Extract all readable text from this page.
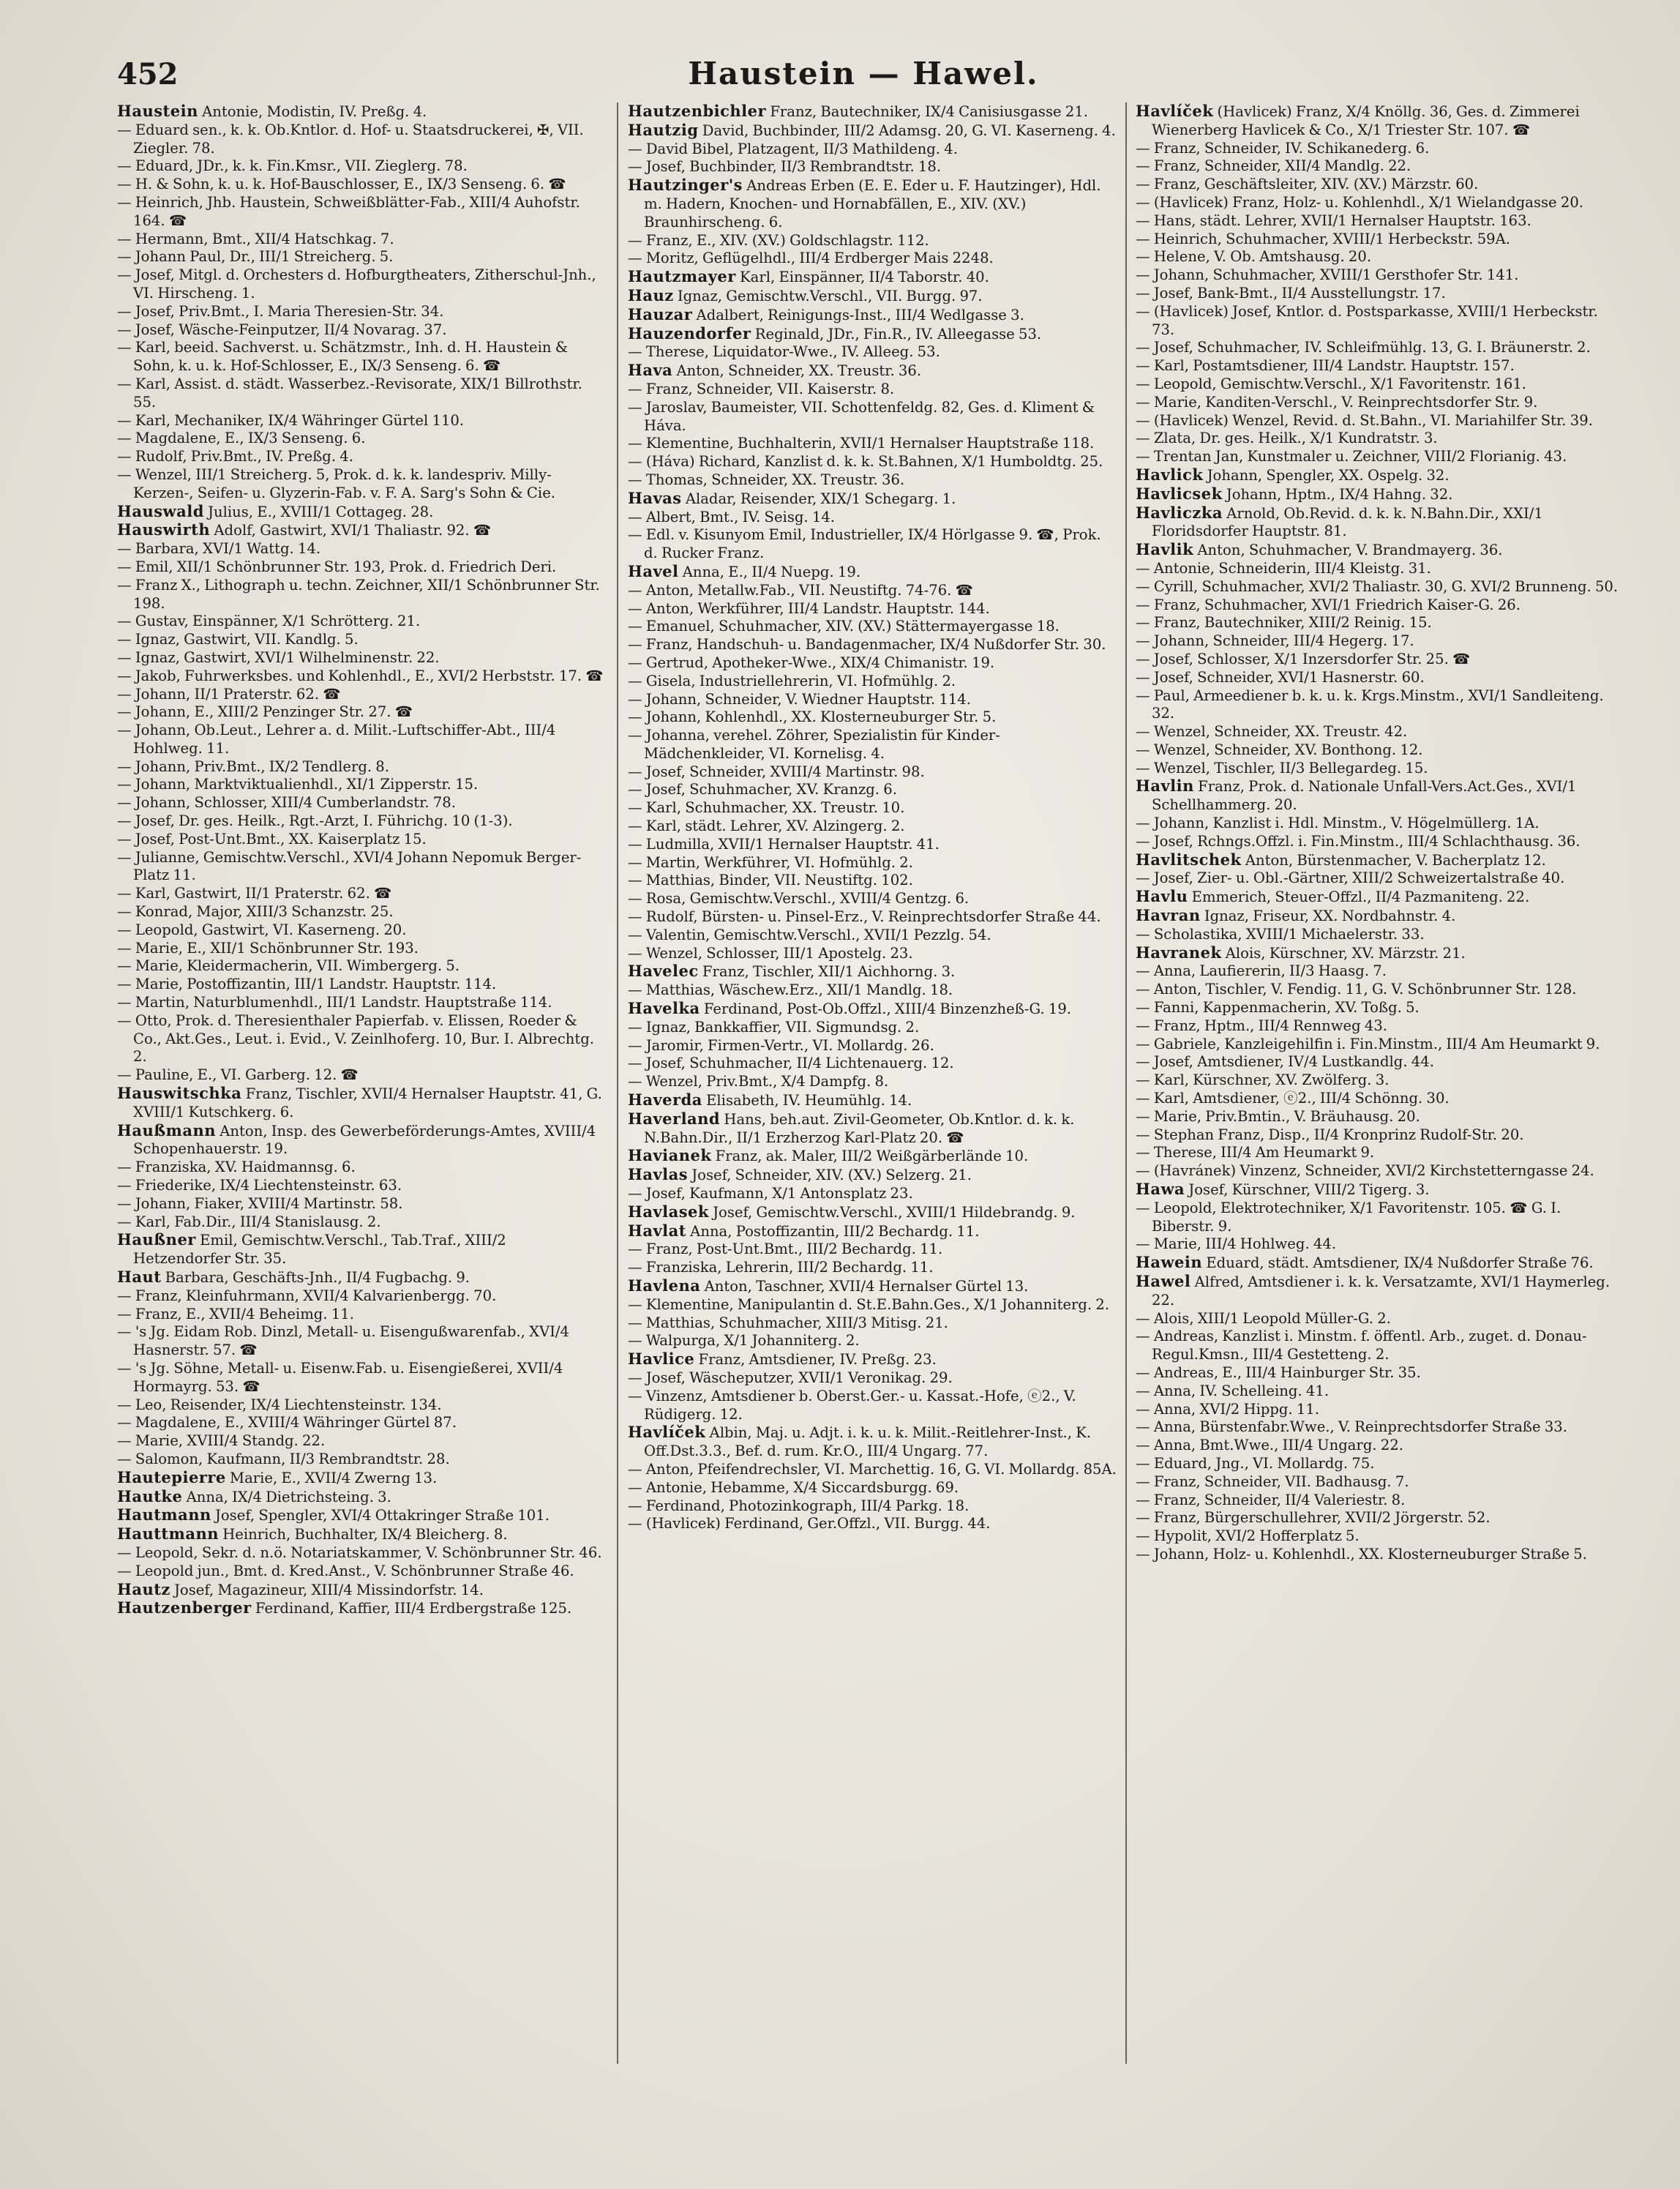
452	Haustein — Hawel.
Haustein Antonie, Modistin, IV. Preßg. 4.
— Eduard sen., k. k. Ob.Kntlor. d. Hof- u. Staatsdruckerei, ✠, VII. Ziegler. 78.
— Eduard, JDr., k. k. Fin.Kmsr., VII. Zieglerg. 78.
— H. & Sohn, k. u. k. Hof-Bauschlosser, E., IX/3 Senseng. 6. ☎
— Heinrich, Jhb. Haustein, Schweißblätter-Fab., XIII/4 Auhofstr. 164. ☎
— Hermann, Bmt., XII/4 Hatschkag. 7.
— Johann Paul, Dr., III/1 Streicherg. 5.
— Josef, Mitgl. d. Orchesters d. Hofburgtheaters, Zitherschul-Jnh., VI. Hirscheng. 1.
— Josef, Priv.Bmt., I. Maria Theresien-Str. 34.
— Josef, Wäsche-Feinputzer, II/4 Novarag. 37.
— Karl, beeid. Sachverst. u. Schätzmstr., Inh. d. H. Haustein & Sohn, k. u. k. Hof-Schlosser, E., IX/3 Senseng. 6. ☎
— Karl, Assist. d. städt. Wasserbez.-Revisorate, XIX/1 Billrothstr. 55.
— Karl, Mechaniker, IX/4 Währinger Gürtel 110.
— Magdalene, E., IX/3 Senseng. 6.
— Rudolf, Priv.Bmt., IV. Preßg. 4.
— Wenzel, III/1 Streicherg. 5, Prok. d. k. k. landespriv. Milly-Kerzen-, Seifen- u. Glyzerin-Fab. v. F. A. Sarg's Sohn & Cie.
Hauswald Julius, E., XVIII/1 Cottageg. 28.
Hauswirth Adolf, Gastwirt, XVI/1 Thaliastr. 92. ☎
— Barbara, XVI/1 Wattg. 14.
— Emil, XII/1 Schönbrunner Str. 193, Prok. d. Friedrich Deri.
— Franz X., Lithograph u. techn. Zeichner, XII/1 Schönbrunner Str. 198.
— Gustav, Einspänner, X/1 Schrötterg. 21.
— Ignaz, Gastwirt, VII. Kandlg. 5.
— Ignaz, Gastwirt, XVI/1 Wilhelminenstr. 22.
— Jakob, Fuhrwerksbes. und Kohlenhdl., E., XVI/2 Herbststr. 17. ☎
— Johann, II/1 Praterstr. 62. ☎
— Johann, E., XIII/2 Penzinger Str. 27. ☎
— Johann, Ob.Leut., Lehrer a. d. Milit.-Luftschiffer-Abt., III/4 Hohlweg. 11.
— Johann, Priv.Bmt., IX/2 Tendlerg. 8.
— Johann, Marktviktualienhdl., XI/1 Zipperstr. 15.
— Johann, Schlosser, XIII/4 Cumberlandstr. 78.
— Josef, Dr. ges. Heilk., Rgt.-Arzt, I. Führichg. 10 (1-3).
— Josef, Post-Unt.Bmt., XX. Kaiserplatz 15.
— Julianne, Gemischtw.Verschl., XVI/4 Johann Nepomuk Berger-Platz 11.
— Karl, Gastwirt, II/1 Praterstr. 62. ☎
— Konrad, Major, XIII/3 Schanzstr. 25.
— Leopold, Gastwirt, VI. Kaserneng. 20.
— Marie, E., XII/1 Schönbrunner Str. 193.
— Marie, Kleidermacherin, VII. Wimbergerg. 5.
— Marie, Postoffizantin, III/1 Landstr. Hauptstr. 114.
— Martin, Naturblumenhdl., III/1 Landstr. Hauptstraße 114.
— Otto, Prok. d. Theresienthaler Papierfab. v. Elissen, Roeder & Co., Akt.Ges., Leut. i. Evid., V. Zeinlhoferg. 10, Bur. I. Albrechtg. 2.
— Pauline, E., VI. Garberg. 12. ☎
Hauswitschka Franz, Tischler, XVII/4 Hernalser Hauptstr. 41, G. XVIII/1 Kutschkerg. 6.
Haußmann Anton, Insp. des Gewerbeförderungs-Amtes, XVIII/4 Schopenhauerstr. 19.
— Franziska, XV. Haidmannsg. 6.
— Friederike, IX/4 Liechtensteinstr. 63.
— Johann, Fiaker, XVIII/4 Martinstr. 58.
— Karl, Fab.Dir., III/4 Stanislausg. 2.
Haußner Emil, Gemischtw.Verschl., Tab.Traf., XIII/2 Hetzendorfer Str. 35.
Haut Barbara, Geschäfts-Jnh., II/4 Fugbachg. 9.
— Franz, Kleinfuhrmann, XVII/4 Kalvarienbergg. 70.
— Franz, E., XVII/4 Beheimg. 11.
— 's Jg. Eidam Rob. Dinzl, Metall- u. Eisengußwarenfab., XVI/4 Hasnerstr. 57. ☎
— 's Jg. Söhne, Metall- u. Eisenw.Fab. u. Eisengießerei, XVII/4 Hormayrg. 53. ☎
— Leo, Reisender, IX/4 Liechtensteinstr. 134.
— Magdalene, E., XVIII/4 Währinger Gürtel 87.
— Marie, XVIII/4 Standg. 22.
— Salomon, Kaufmann, II/3 Rembrandtstr. 28.
Hautepierre Marie, E., XVII/4 Zwerng 13.
Hautke Anna, IX/4 Dietrichsteing. 3.
Hautmann Josef, Spengler, XVI/4 Ottakringer Straße 101.
Hauttmann Heinrich, Buchhalter, IX/4 Bleicherg. 8.
— Leopold, Sekr. d. n.ö. Notariatskammer, V. Schönbrunner Str. 46.
— Leopold jun., Bmt. d. Kred.Anst., V. Schönbrunner Straße 46.
Hautz Josef, Magazineur, XIII/4 Missindorfstr. 14.
Hautzenberger Ferdinand, Kaffier, III/4 Erdbergstraße 125.
Hautzenbichler Franz, Bautechniker, IX/4 Canisiusgasse 21.
Hautzig David, Buchbinder, III/2 Adamsg. 20, G. VI. Kaserneng. 4.
— David Bibel, Platzagent, II/3 Mathildeng. 4.
— Josef, Buchbinder, II/3 Rembrandtstr. 18.
Hautzinger's Andreas Erben (E. E. Eder u. F. Hautzinger), Hdl. m. Hadern, Knochen- und Hornabfällen, E., XIV. (XV.) Braunhirscheng. 6.
— Franz, E., XIV. (XV.) Goldschlagstr. 112.
— Moritz, Geflügelhdl., III/4 Erdberger Mais 2248.
Hautzmayer Karl, Einspänner, II/4 Taborstr. 40.
Hauz Ignaz, Gemischtw.Verschl., VII. Burgg. 97.
Hauzar Adalbert, Reinigungs-Inst., III/4 Wedlgasse 3.
Hauzendorfer Reginald, JDr., Fin.R., IV. Alleegasse 53.
— Therese, Liquidator-Wwe., IV. Alleeg. 53.
Hava Anton, Schneider, XX. Treustr. 36.
— Franz, Schneider, VII. Kaiserstr. 8.
— Jaroslav, Baumeister, VII. Schottenfeldg. 82, Ges. d. Kliment & Háva.
— Klementine, Buchhalterin, XVII/1 Hernalser Hauptstraße 118.
— (Háva) Richard, Kanzlist d. k. k. St.Bahnen, X/1 Humboldtg. 25.
— Thomas, Schneider, XX. Treustr. 36.
Havas Aladar, Reisender, XIX/1 Schegarg. 1.
— Albert, Bmt., IV. Seisg. 14.
— Edl. v. Kisunyom Emil, Industrieller, IX/4 Hörlgasse 9. ☎, Prok. d. Rucker Franz.
Havel Anna, E., II/4 Nuepg. 19.
— Anton, Metallw.Fab., VII. Neustiftg. 74-76. ☎
— Anton, Werkführer, III/4 Landstr. Hauptstr. 144.
— Emanuel, Schuhmacher, XIV. (XV.) Stättermayergasse 18.
— Franz, Handschuh- u. Bandagenmacher, IX/4 Nußdorfer Str. 30.
— Gertrud, Apotheker-Wwe., XIX/4 Chimanistr. 19.
— Gisela, Industriellehrerin, VI. Hofmühlg. 2.
— Johann, Schneider, V. Wiedner Hauptstr. 114.
— Johann, Kohlenhdl., XX. Klosterneuburger Str. 5.
— Johanna, verehel. Zöhrer, Spezialistin für Kinder-Mädchenkleider, VI. Kornelisg. 4.
— Josef, Schneider, XVIII/4 Martinstr. 98.
— Josef, Schuhmacher, XV. Kranzg. 6.
— Karl, Schuhmacher, XX. Treustr. 10.
— Karl, städt. Lehrer, XV. Alzingerg. 2.
— Ludmilla, XVII/1 Hernalser Hauptstr. 41.
— Martin, Werkführer, VI. Hofmühlg. 2.
— Matthias, Binder, VII. Neustiftg. 102.
— Rosa, Gemischtw.Verschl., XVIII/4 Gentzg. 6.
— Rudolf, Bürsten- u. Pinsel-Erz., V. Reinprechtsdorfer Straße 44.
— Valentin, Gemischtw.Verschl., XVII/1 Pezzlg. 54.
— Wenzel, Schlosser, III/1 Apostelg. 23.
Havelec Franz, Tischler, XII/1 Aichhorng. 3.
— Matthias, Wäschew.Erz., XII/1 Mandlg. 18.
Havelka Ferdinand, Post-Ob.Offzl., XIII/4 Binzenzheß-G. 19.
— Ignaz, Bankkaffier, VII. Sigmundsg. 2.
— Jaromir, Firmen-Vertr., VI. Mollardg. 26.
— Josef, Schuhmacher, II/4 Lichtenauerg. 12.
— Wenzel, Priv.Bmt., X/4 Dampfg. 8.
Haverda Elisabeth, IV. Heumühlg. 14.
Haverland Hans, beh.aut. Zivil-Geometer, Ob.Kntlor. d. k. k. N.Bahn.Dir., II/1 Erzherzog Karl-Platz 20. ☎
Havianek Franz, ak. Maler, III/2 Weißgärberlände 10.
Havlas Josef, Schneider, XIV. (XV.) Selzerg. 21.
— Josef, Kaufmann, X/1 Antonsplatz 23.
Havlasek Josef, Gemischtw.Verschl., XVIII/1 Hildebrandg. 9.
Havlat Anna, Postoffizantin, III/2 Bechardg. 11.
— Franz, Post-Unt.Bmt., III/2 Bechardg. 11.
— Franziska, Lehrerin, III/2 Bechardg. 11.
Havlena Anton, Taschner, XVII/4 Hernalser Gürtel 13.
— Klementine, Manipulantin d. St.E.Bahn.Ges., X/1 Johanniterg. 2.
— Matthias, Schuhmacher, XIII/3 Mitisg. 21.
— Walpurga, X/1 Johanniterg. 2.
Havlice Franz, Amtsdiener, IV. Preßg. 23.
— Josef, Wäscheputzer, XVII/1 Veronikag. 29.
— Vinzenz, Amtsdiener b. Oberst.Ger.- u. Kassat.-Hofe, ⓔ2., V. Rüdigerg. 12.
Havlíček Albin, Maj. u. Adjt. i. k. u. k. Milit.-Reitlehrer-Inst., K. Off.Dst.3.3., Bef. d. rum. Kr.O., III/4 Ungarg. 77.
— Anton, Pfeifendrechsler, VI. Marchettig. 16, G. VI. Mollardg. 85A.
— Antonie, Hebamme, X/4 Siccardsburgg. 69.
— Ferdinand, Photozinkograph, III/4 Parkg. 18.
— (Havlicek) Ferdinand, Ger.Offzl., VII. Burgg. 44.
Havlíček (Havlicek) Franz, X/4 Knöllg. 36, Ges. d. Zimmerei Wienerberg Havlicek & Co., X/1 Triester Str. 107. ☎
— Franz, Schneider, IV. Schikanederg. 6.
— Franz, Schneider, XII/4 Mandlg. 22.
— Franz, Geschäftsleiter, XIV. (XV.) Märzstr. 60.
— (Havlicek) Franz, Holz- u. Kohlenhdl., X/1 Wielandgasse 20.
— Hans, städt. Lehrer, XVII/1 Hernalser Hauptstr. 163.
— Heinrich, Schuhmacher, XVIII/1 Herbeckstr. 59A.
— Helene, V. Ob. Amtshausg. 20.
— Johann, Schuhmacher, XVIII/1 Gersthofer Str. 141.
— Josef, Bank-Bmt., II/4 Ausstellungstr. 17.
— (Havlicek) Josef, Kntlor. d. Postsparkasse, XVIII/1 Herbeckstr. 73.
— Josef, Schuhmacher, IV. Schleifmühlg. 13, G. I. Bräunerstr. 2.
— Karl, Postamtsdiener, III/4 Landstr. Hauptstr. 157.
— Leopold, Gemischtw.Verschl., X/1 Favoritenstr. 161.
— Marie, Kanditen-Verschl., V. Reinprechtsdorfer Str. 9.
— (Havlicek) Wenzel, Revid. d. St.Bahn., VI. Mariahilfer Str. 39.
— Zlata, Dr. ges. Heilk., X/1 Kundratstr. 3.
— Trentan Jan, Kunstmaler u. Zeichner, VIII/2 Florianig. 43.
Havlick Johann, Spengler, XX. Ospelg. 32.
Havlicsek Johann, Hptm., IX/4 Hahng. 32.
Havliczka Arnold, Ob.Revid. d. k. k. N.Bahn.Dir., XXI/1 Floridsdorfer Hauptstr. 81.
Havlik Anton, Schuhmacher, V. Brandmayerg. 36.
— Antonie, Schneiderin, III/4 Kleistg. 31.
— Cyrill, Schuhmacher, XVI/2 Thaliastr. 30, G. XVI/2 Brunneng. 50.
— Franz, Schuhmacher, XVI/1 Friedrich Kaiser-G. 26.
— Franz, Bautechniker, XIII/2 Reinig. 15.
— Johann, Schneider, III/4 Hegerg. 17.
— Josef, Schlosser, X/1 Inzersdorfer Str. 25. ☎
— Josef, Schneider, XVI/1 Hasnerstr. 60.
— Paul, Armeediener b. k. u. k. Krgs.Minstm., XVI/1 Sandleiteng. 32.
— Wenzel, Schneider, XX. Treustr. 42.
— Wenzel, Schneider, XV. Bonthong. 12.
— Wenzel, Tischler, II/3 Bellegardeg. 15.
Havlin Franz, Prok. d. Nationale Unfall-Vers.Act.Ges., XVI/1 Schellhammerg. 20.
— Johann, Kanzlist i. Hdl. Minstm., V. Högelmüllerg. 1A.
— Josef, Rchngs.Offzl. i. Fin.Minstm., III/4 Schlachthausg. 36.
Havlitschek Anton, Bürstenmacher, V. Bacherplatz 12.
— Josef, Zier- u. Obl.-Gärtner, XIII/2 Schweizertalstraße 40.
Havlu Emmerich, Steuer-Offzl., II/4 Pazmaniteng. 22.
Havran Ignaz, Friseur, XX. Nordbahnstr. 4.
— Scholastika, XVIII/1 Michaelerstr. 33.
Havranek Alois, Kürschner, XV. Märzstr. 21.
— Anna, Laufiererin, II/3 Haasg. 7.
— Anton, Tischler, V. Fendig. 11, G. V. Schönbrunner Str. 128.
— Fanni, Kappenmacherin, XV. Toßg. 5.
— Franz, Hptm., III/4 Rennweg 43.
— Gabriele, Kanzleigehilfin i. Fin.Minstm., III/4 Am Heumarkt 9.
— Josef, Amtsdiener, IV/4 Lustkandlg. 44.
— Karl, Kürschner, XV. Zwölferg. 3.
— Karl, Amtsdiener, ⓔ2., III/4 Schönng. 30.
— Marie, Priv.Bmtin., V. Bräuhausg. 20.
— Stephan Franz, Disp., II/4 Kronprinz Rudolf-Str. 20.
— Therese, III/4 Am Heumarkt 9.
— (Havránek) Vinzenz, Schneider, XVI/2 Kirchstetterngasse 24.
Hawa Josef, Kürschner, VIII/2 Tigerg. 3.
— Leopold, Elektrotechniker, X/1 Favoritenstr. 105. ☎ G. I. Biberstr. 9.
— Marie, III/4 Hohlweg. 44.
Hawein Eduard, städt. Amtsdiener, IX/4 Nußdorfer Straße 76.
Hawel Alfred, Amtsdiener i. k. k. Versatzamte, XVI/1 Haymerleg. 22.
— Alois, XIII/1 Leopold Müller-G. 2.
— Andreas, Kanzlist i. Minstm. f. öffentl. Arb., zuget. d. Donau-Regul.Kmsn., III/4 Gestetteng. 2.
— Andreas, E., III/4 Hainburger Str. 35.
— Anna, IV. Schelleing. 41.
— Anna, XVI/2 Hippg. 11.
— Anna, Bürstenfabr.Wwe., V. Reinprechtsdorfer Straße 33.
— Anna, Bmt.Wwe., III/4 Ungarg. 22.
— Eduard, Jng., VI. Mollardg. 75.
— Franz, Schneider, VII. Badhausg. 7.
— Franz, Schneider, II/4 Valeriestr. 8.
— Franz, Bürgerschullehrer, XVII/2 Jörgerstr. 52.
— Hypolit, XVI/2 Hofferplatz 5.
— Johann, Holz- u. Kohlenhdl., XX. Klosterneuburger Straße 5.
